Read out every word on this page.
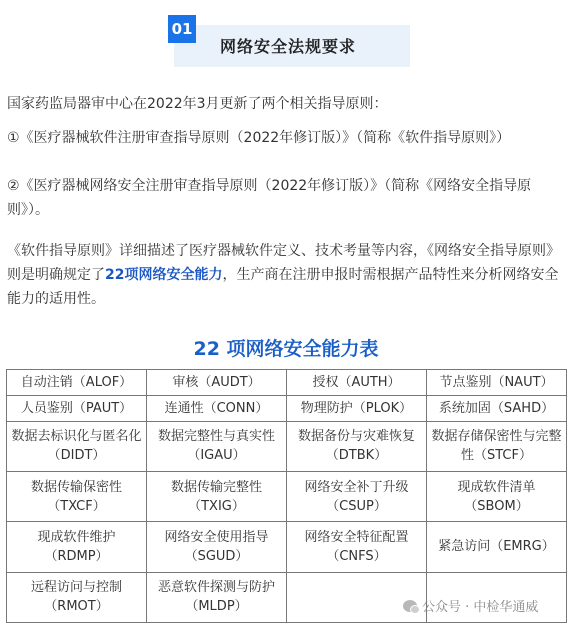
01
网络安全法规要求

国家药监局器审中心在2022年3月更新了两个相关指导原则：

①《医疗器械软件注册审查指导原则（2022年修订版）》（简称《软件指导原则》）

②《医疗器械网络安全注册审查指导原则（2022年修订版）》（简称《网络安全指导原则》）。

《软件指导原则》详细描述了医疗器械软件定义、技术考量等内容，《网络安全指导原则》则是明确规定了22项网络安全能力，生产商在注册申报时需根据产品特性来分析网络安全能力的适用性。

22 项网络安全能力表
自动注销（ALOF）	审核（AUDT）	授权（AUTH）	节点鉴别（NAUT）
人员鉴别（PAUT）	连通性（CONN）	物理防护（PLOK）	系统加固（SAHD）
数据去标识化与匿名化（DIDT）	数据完整性与真实性（IGAU）	数据备份与灾难恢复（DTBK）	数据存储保密性与完整性（STCF）
数据传输保密性（TXCF）	数据传输完整性（TXIG）	网络安全补丁升级（CSUP）	现成软件清单（SBOM）
现成软件维护（RDMP）	网络安全使用指导（SGUD）	网络安全特征配置（CNFS）	紧急访问（EMRG）
远程访问与控制（RMOT）	恶意软件探测与防护（MLDP）			公众号 · 中检华通威
